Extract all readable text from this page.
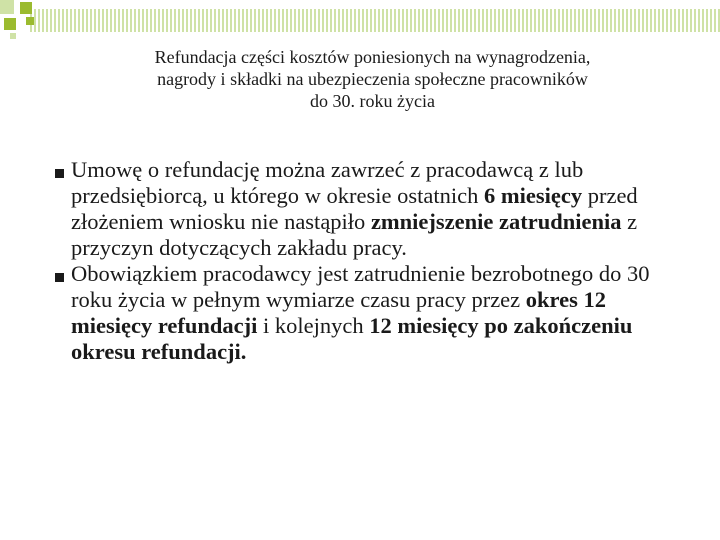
Refundacja części kosztów poniesionych na wynagrodzenia,
nagrody i składki na ubezpieczenia społeczne pracowników
do 30. roku życia

Umowę o refundację można zawrzeć z pracodawcą z lub przedsiębiorcą, u którego w okresie ostatnich 6 miesięcy przed złożeniem wniosku nie nastąpiło zmniejszenie zatrudnienia z przyczyn dotyczących zakładu pracy.

Obowiązkiem pracodawcy jest zatrudnienie bezrobotnego do 30 roku życia w pełnym wymiarze czasu pracy przez okres 12 miesięcy refundacji i kolejnych 12 miesięcy po zakończeniu okresu refundacji.
